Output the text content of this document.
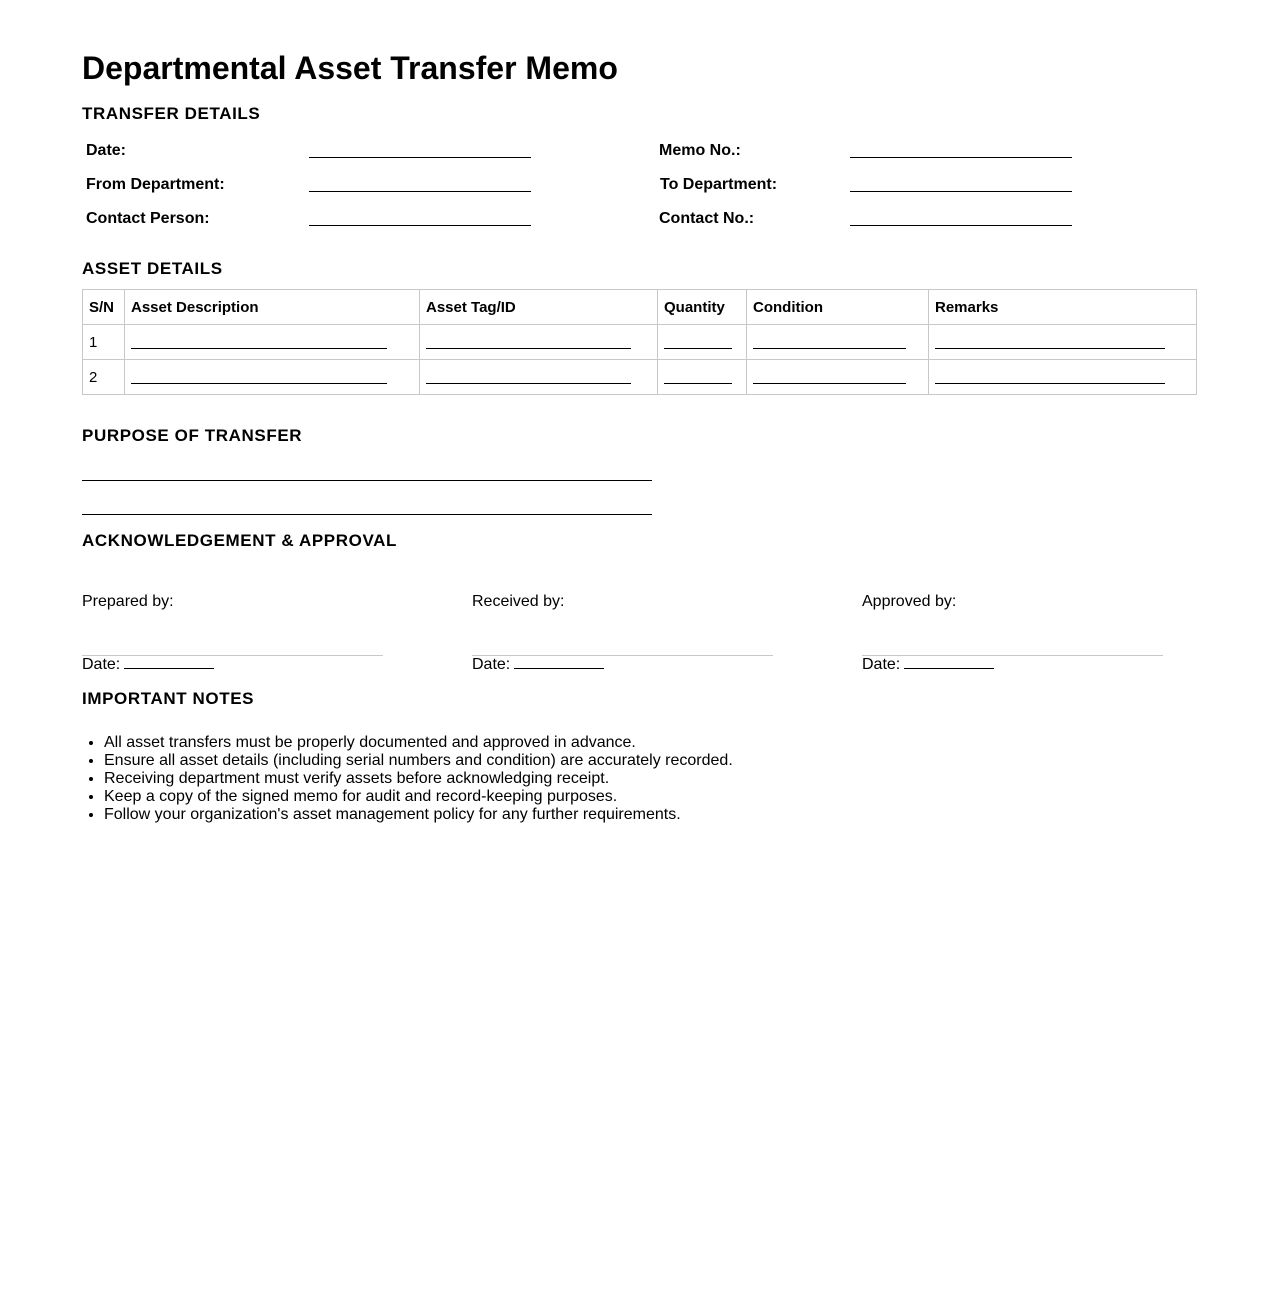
Departmental Asset Transfer Memo
TRANSFER DETAILS
Date:
From Department:
Contact Person:
Memo No.:
To Department:
Contact No.:
ASSET DETAILS
S/N	Asset Description	Asset Tag/ID	Quantity	Condition	Remarks
1	

2	

PURPOSE OF TRANSFER
ACKNOWLEDGEMENT & APPROVAL
Prepared by:
Date:
Received by:
Date:
Approved by:
Date:
IMPORTANT NOTES
• All asset transfers must be properly documented and approved in advance.
• Ensure all asset details (including serial numbers and condition) are accurately recorded.
• Receiving department must verify assets before acknowledging receipt.
• Keep a copy of the signed memo for audit and record-keeping purposes.
• Follow your organization's asset management policy for any further requirements.
